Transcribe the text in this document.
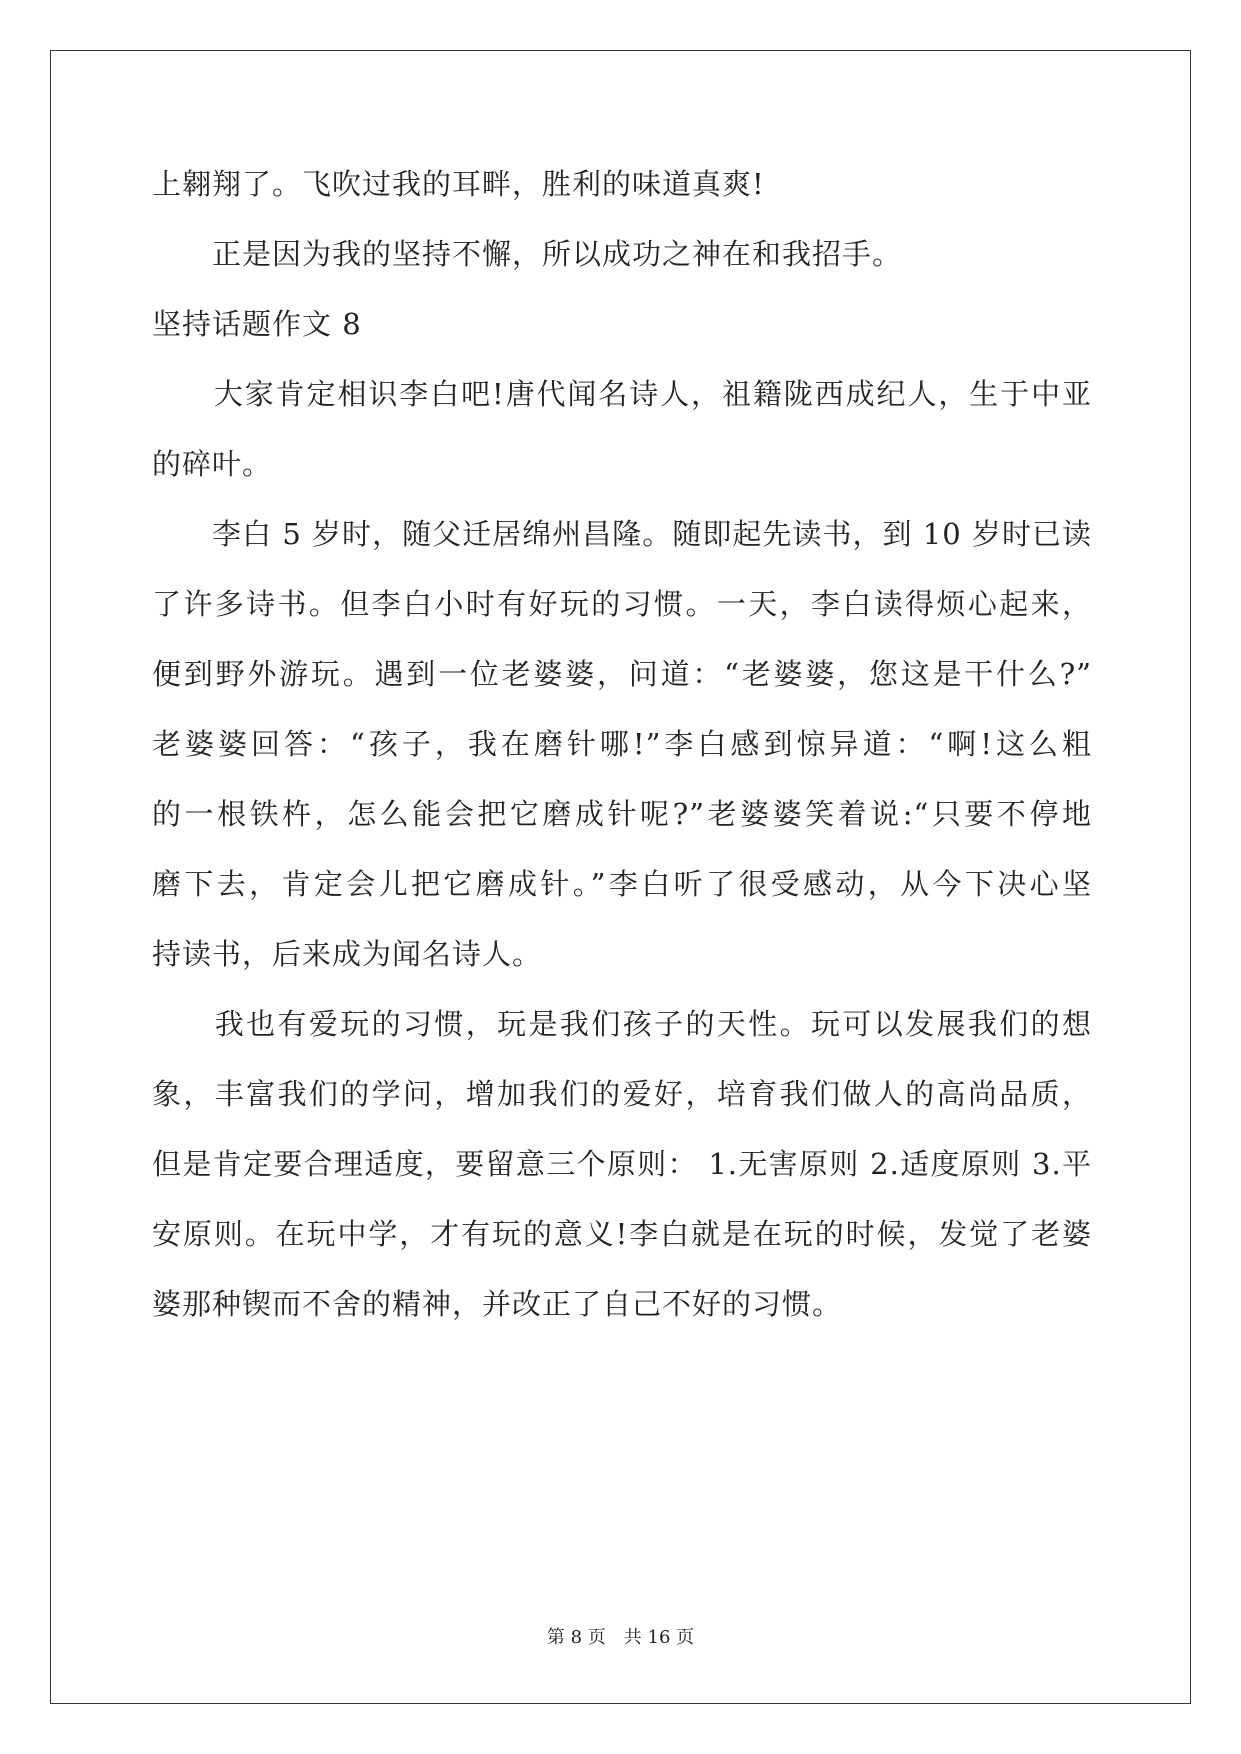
上翱翔了。飞吹过我的耳畔，胜利的味道真爽!
　　正是因为我的坚持不懈，所以成功之神在和我招手。
坚持话题作文 8
　　大家肯定相识李白吧!唐代闻名诗人，祖籍陇西成纪人，生于中亚
的碎叶。
　　李白 5 岁时，随父迁居绵州昌隆。随即起先读书，到 10 岁时已读
了许多诗书。但李白小时有好玩的习惯。一天，李白读得烦心起来，
便到野外游玩。遇到一位老婆婆，问道：“老婆婆，您这是干什么?”
老婆婆回答：“孩子，我在磨针哪!”李白感到惊异道：“啊!这么粗
的一根铁杵，怎么能会把它磨成针呢?”老婆婆笑着说:“只要不停地
磨下去，肯定会儿把它磨成针。”李白听了很受感动，从今下决心坚
持读书，后来成为闻名诗人。
　　我也有爱玩的习惯，玩是我们孩子的天性。玩可以发展我们的想
象，丰富我们的学问，增加我们的爱好，培育我们做人的高尚品质，
但是肯定要合理适度，要留意三个原则： 1.无害原则 2.适度原则 3.平
安原则。在玩中学，才有玩的意义!李白就是在玩的时候，发觉了老婆
婆那种锲而不舍的精神，并改正了自己不好的习惯。
第 8 页 共 16 页
